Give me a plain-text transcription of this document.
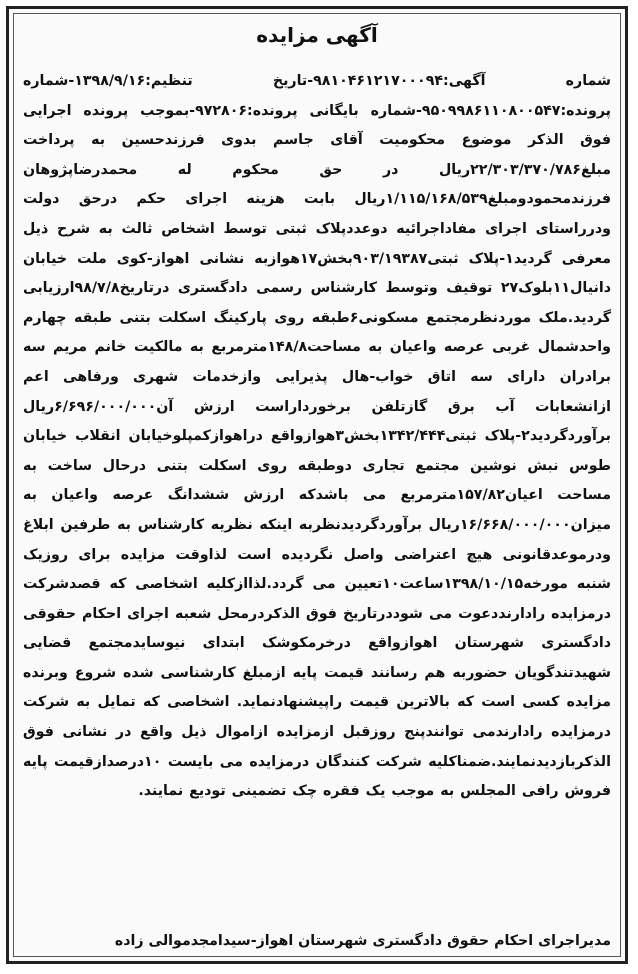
آگهی مزایده

شماره آگهی:۹۸۱۰۴۶۱۲۱۷۰۰۰۹۴-تاریخ تنظیم:۱۳۹۸/۹/۱۶-شماره پرونده:۹۵۰۹۹۸۶۱۱۰۸۰۰۵۴۷-شماره بایگانی پرونده:۹۷۲۸۰۶-بموجب پرونده اجرایی فوق الذکر موضوع محکومیت آقای جاسم بدوی فرزندحسین به پرداخت مبلغ۲۲/۳۰۳/۳۷۰/۷۸۶ریال در حق محکوم له محمدرضاپژوهان فرزندمحمودومبلغ۱/۱۱۵/۱۶۸/۵۳۹ریال بابت هزینه اجرای حکم درحق دولت ودرراستای اجرای مفاداجرائیه دوعددپلاک ثبتی توسط اشخاص ثالث به شرح ذیل معرفی گردید۱-پلاک ثبتی۹۰۳/۱۹۳۸۷بخش۱۷هوازبه نشانی اهواز-کوی ملت خیابان دانیال۱۱بلوک۲۷ توقیف وتوسط کارشناس رسمی دادگستری درتاریخ۹۸/۷/۸ارزیابی گردید.ملک موردنظرمجتمع مسکونی۶طبقه روی پارکینگ اسکلت بتنی طبقه چهارم واحدشمال غربی عرصه واعیان به مساحت۱۴۸/۸مترمربع به مالکیت خانم مریم سه برادران دارای سه اتاق خواب-هال پذیرایی وازخدمات شهری ورفاهی اعم ازانشعابات آب برق گازتلفن برخورداراست ارزش آن۶/۶۹۶/۰۰۰/۰۰۰ریال برآوردگردید۲-پلاک ثبتی۱۳۴۲/۴۴۴بخش۳هوازواقع دراهوازکمپلوخیابان انقلاب خیابان طوس نبش نوشین مجتمع تجاری دوطبقه روی اسکلت بتنی درحال ساخت به مساحت اعیان۱۵۷/۸۲مترمربع می باشدکه ارزش ششدانگ عرصه واعیان به میزان۱۶/۶۶۸/۰۰۰/۰۰۰ریال برآوردگردیدنظربه اینکه نظریه کارشناس به طرفین ابلاغ ودرموعدقانونی هیچ اعتراضی واصل نگردیده است لذاوقت مزایده برای روزیک شنبه مورخه۱۳۹۸/۱۰/۱۵ساعت۱۰تعیین می گردد.لذاازکلیه اشخاصی که قصدشرکت درمزایده رادارنددعوت می شوددرتاریخ فوق الذکردرمحل شعبه اجرای احکام حقوقی دادگستری شهرستان اهوازواقع درخرمکوشک ابتدای نیوسایدمجتمع قضایی شهیدتندگویان حضوربه هم رسانند قیمت پایه ازمبلغ کارشناسی شده شروع وبرنده مزایده کسی است که بالاترین قیمت راپیشنهادنماید. اشخاصی که تمایل به شرکت درمزایده رادارندمی توانندپنج روزقبل ازمزایده ازاموال ذیل واقع در نشانی فوق الذکربازدیدنمایند.ضمناکلیه شرکت کنندگان درمزایده می بایست ۱۰درصدازقیمت پایه فروش رافی المجلس به موجب یک فقره چک تضمینی تودیع نمایند.

مدیراجرای احکام حقوق دادگستری شهرستان اهواز-سیدامجدموالی زاده
